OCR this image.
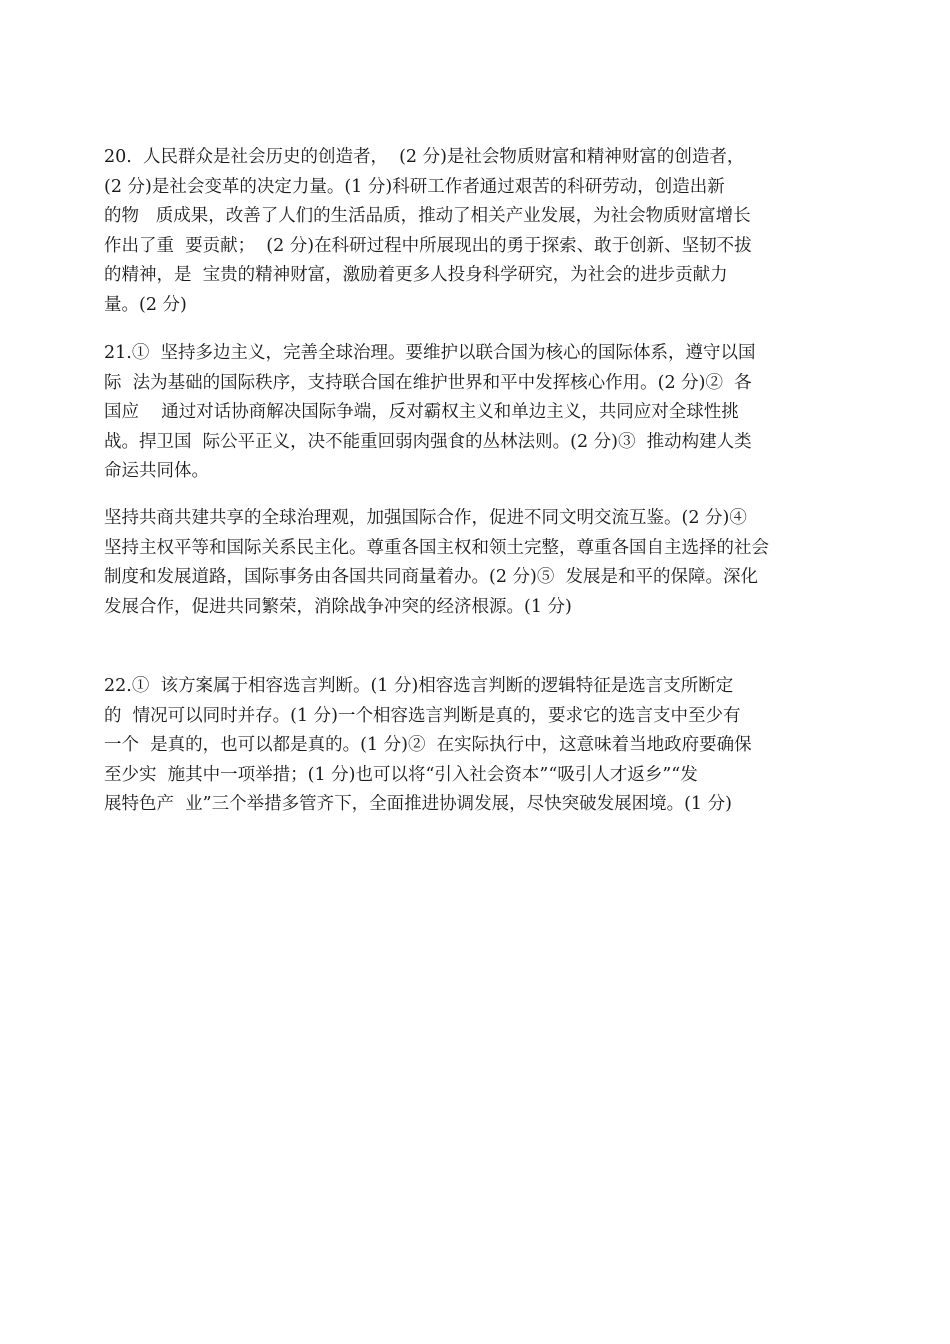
20.  人民群众是社会历史的创造者，  (2 分)是社会物质财富和精神财富的创造者，
(2 分)是社会变革的决定力量。(1 分)科研工作者通过艰苦的科研劳动，创造出新
的物   质成果，改善了人们的生活品质，推动了相关产业发展，为社会物质财富增长
作出了重  要贡献；  (2 分)在科研过程中所展现出的勇于探索、敢于创新、坚韧不拔
的精神，是  宝贵的精神财富，激励着更多人投身科学研究，为社会的进步贡献力
量。(2 分)
21.①  坚持多边主义，完善全球治理。要维护以联合国为核心的国际体系，遵守以国
际  法为基础的国际秩序，支持联合国在维护世界和平中发挥核心作用。(2 分)②  各
国应    通过对话协商解决国际争端，反对霸权主义和单边主义，共同应对全球性挑
战。捍卫国  际公平正义，决不能重回弱肉强食的丛林法则。(2 分)③  推动构建人类
命运共同体。
坚持共商共建共享的全球治理观，加强国际合作，促进不同文明交流互鉴。(2 分)④
坚持主权平等和国际关系民主化。尊重各国主权和领土完整，尊重各国自主选择的社会
制度和发展道路，国际事务由各国共同商量着办。(2 分)⑤  发展是和平的保障。深化
发展合作，促进共同繁荣，消除战争冲突的经济根源。(1 分)
22.①  该方案属于相容选言判断。(1 分)相容选言判断的逻辑特征是选言支所断定
的  情况可以同时并存。(1 分)一个相容选言判断是真的，要求它的选言支中至少有
一个  是真的，也可以都是真的。(1 分)②  在实际执行中，这意味着当地政府要确保
至少实  施其中一项举措；(1 分)也可以将“引入社会资本”“吸引人才返乡”“发
展特色产  业”三个举措多管齐下，全面推进协调发展，尽快突破发展困境。(1 分)
